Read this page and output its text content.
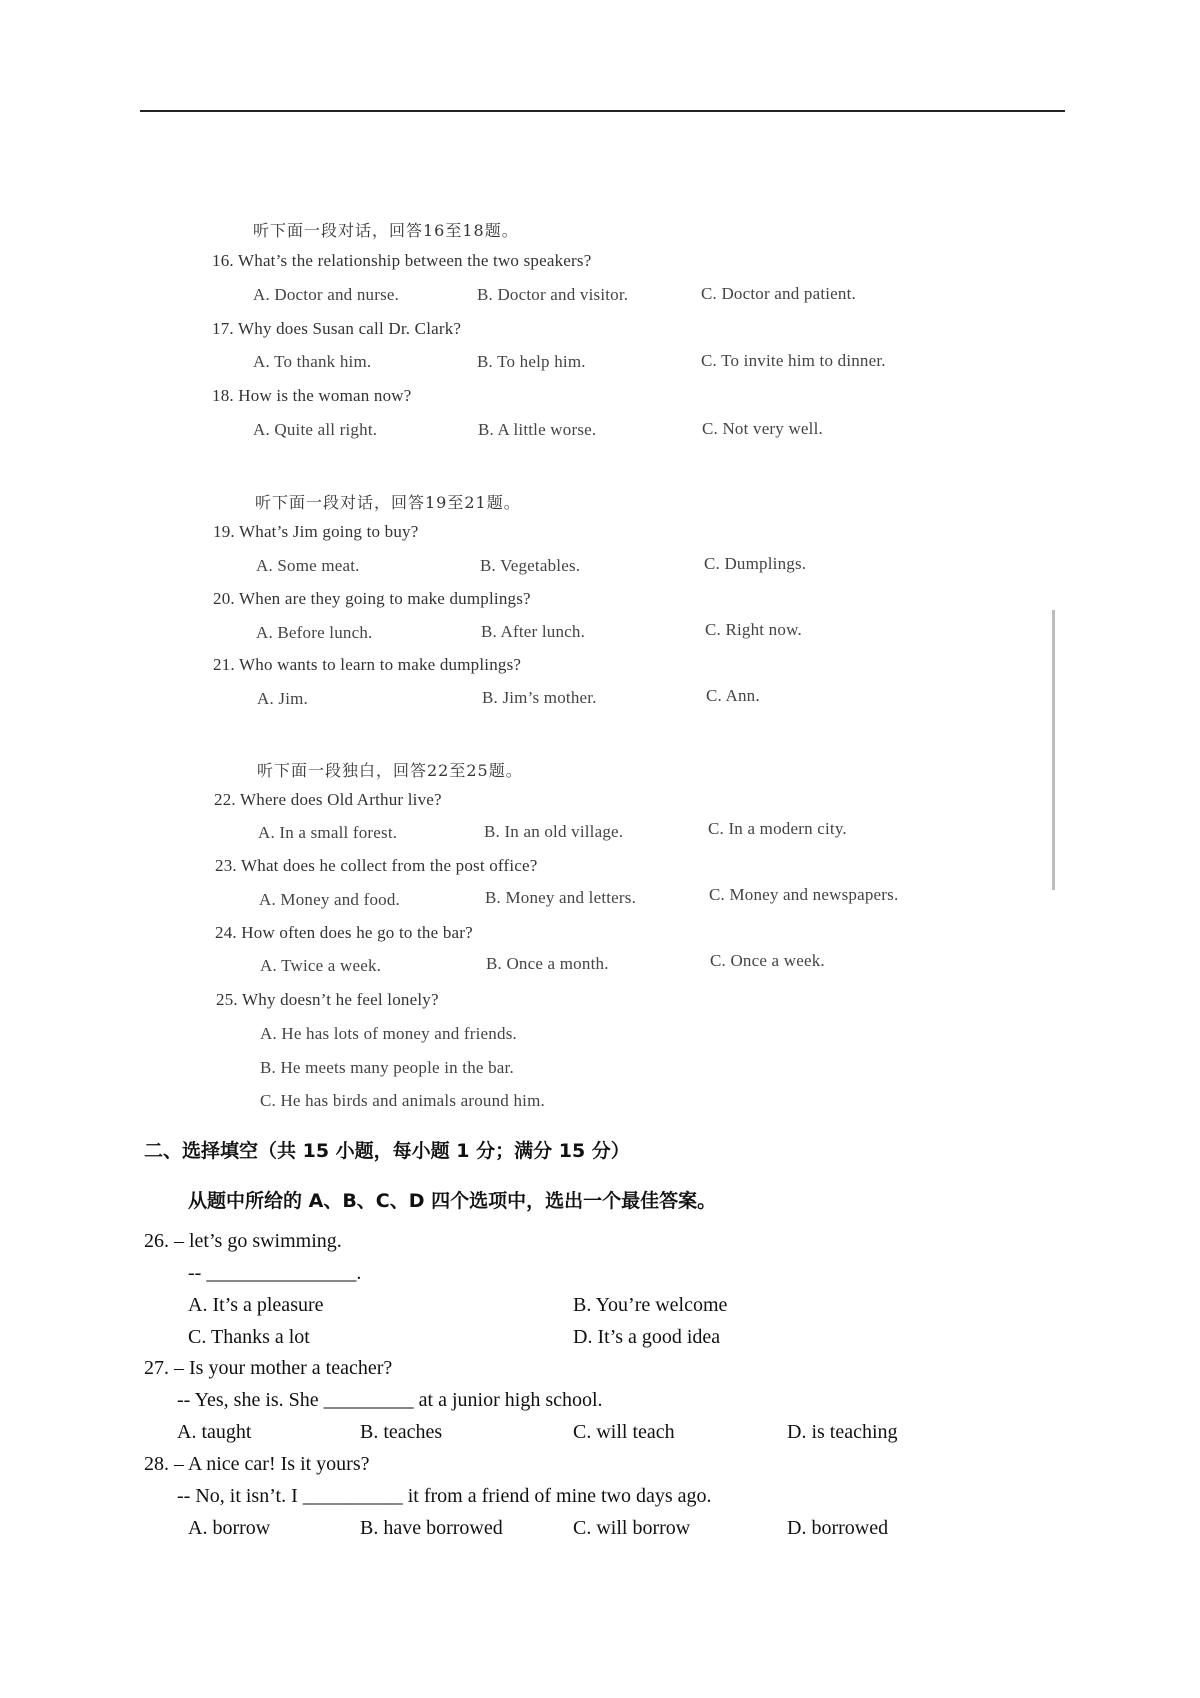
听下面一段对话，回答16至18题。
16. What’s the relationship between the two speakers?
A. Doctor and nurse.	B. Doctor and visitor.	C. Doctor and patient.
17. Why does Susan call Dr. Clark?
A. To thank him.	B. To help him.	C. To invite him to dinner.
18. How is the woman now?
A. Quite all right.	B. A little worse.	C. Not very well.
听下面一段对话，回答19至21题。
19. What’s Jim going to buy?
A. Some meat.	B. Vegetables.	C. Dumplings.
20. When are they going to make dumplings?
A. Before lunch.	B. After lunch.	C. Right now.
21. Who wants to learn to make dumplings?
A. Jim.	B. Jim’s mother.	C. Ann.
听下面一段独白，回答22至25题。
22. Where does Old Arthur live?
A. In a small forest.	B. In an old village.	C. In a modern city.
23. What does he collect from the post office?
A. Money and food.	B. Money and letters.	C. Money and newspapers.
24. How often does he go to the bar?
A. Twice a week.	B. Once a month.	C. Once a week.
25. Why doesn’t he feel lonely?
A. He has lots of money and friends.
B. He meets many people in the bar.
C. He has birds and animals around him.
二、选择填空（共 15 小题，每小题 1 分；满分 15 分）
从题中所给的 A、B、C、D 四个选项中，选出一个最佳答案。
26. – let’s go swimming.
-- _______________.
A. It’s a pleasure	B. You’re welcome
C. Thanks a lot	D. It’s a good idea
27. – Is your mother a teacher?
-- Yes, she is. She _________ at a junior high school.
A. taught	B. teaches	C. will teach	D. is teaching
28. – A nice car! Is it yours?
-- No, it isn’t. I __________ it from a friend of mine two days ago.
A. borrow	B. have borrowed	C. will borrow	D. borrowed
